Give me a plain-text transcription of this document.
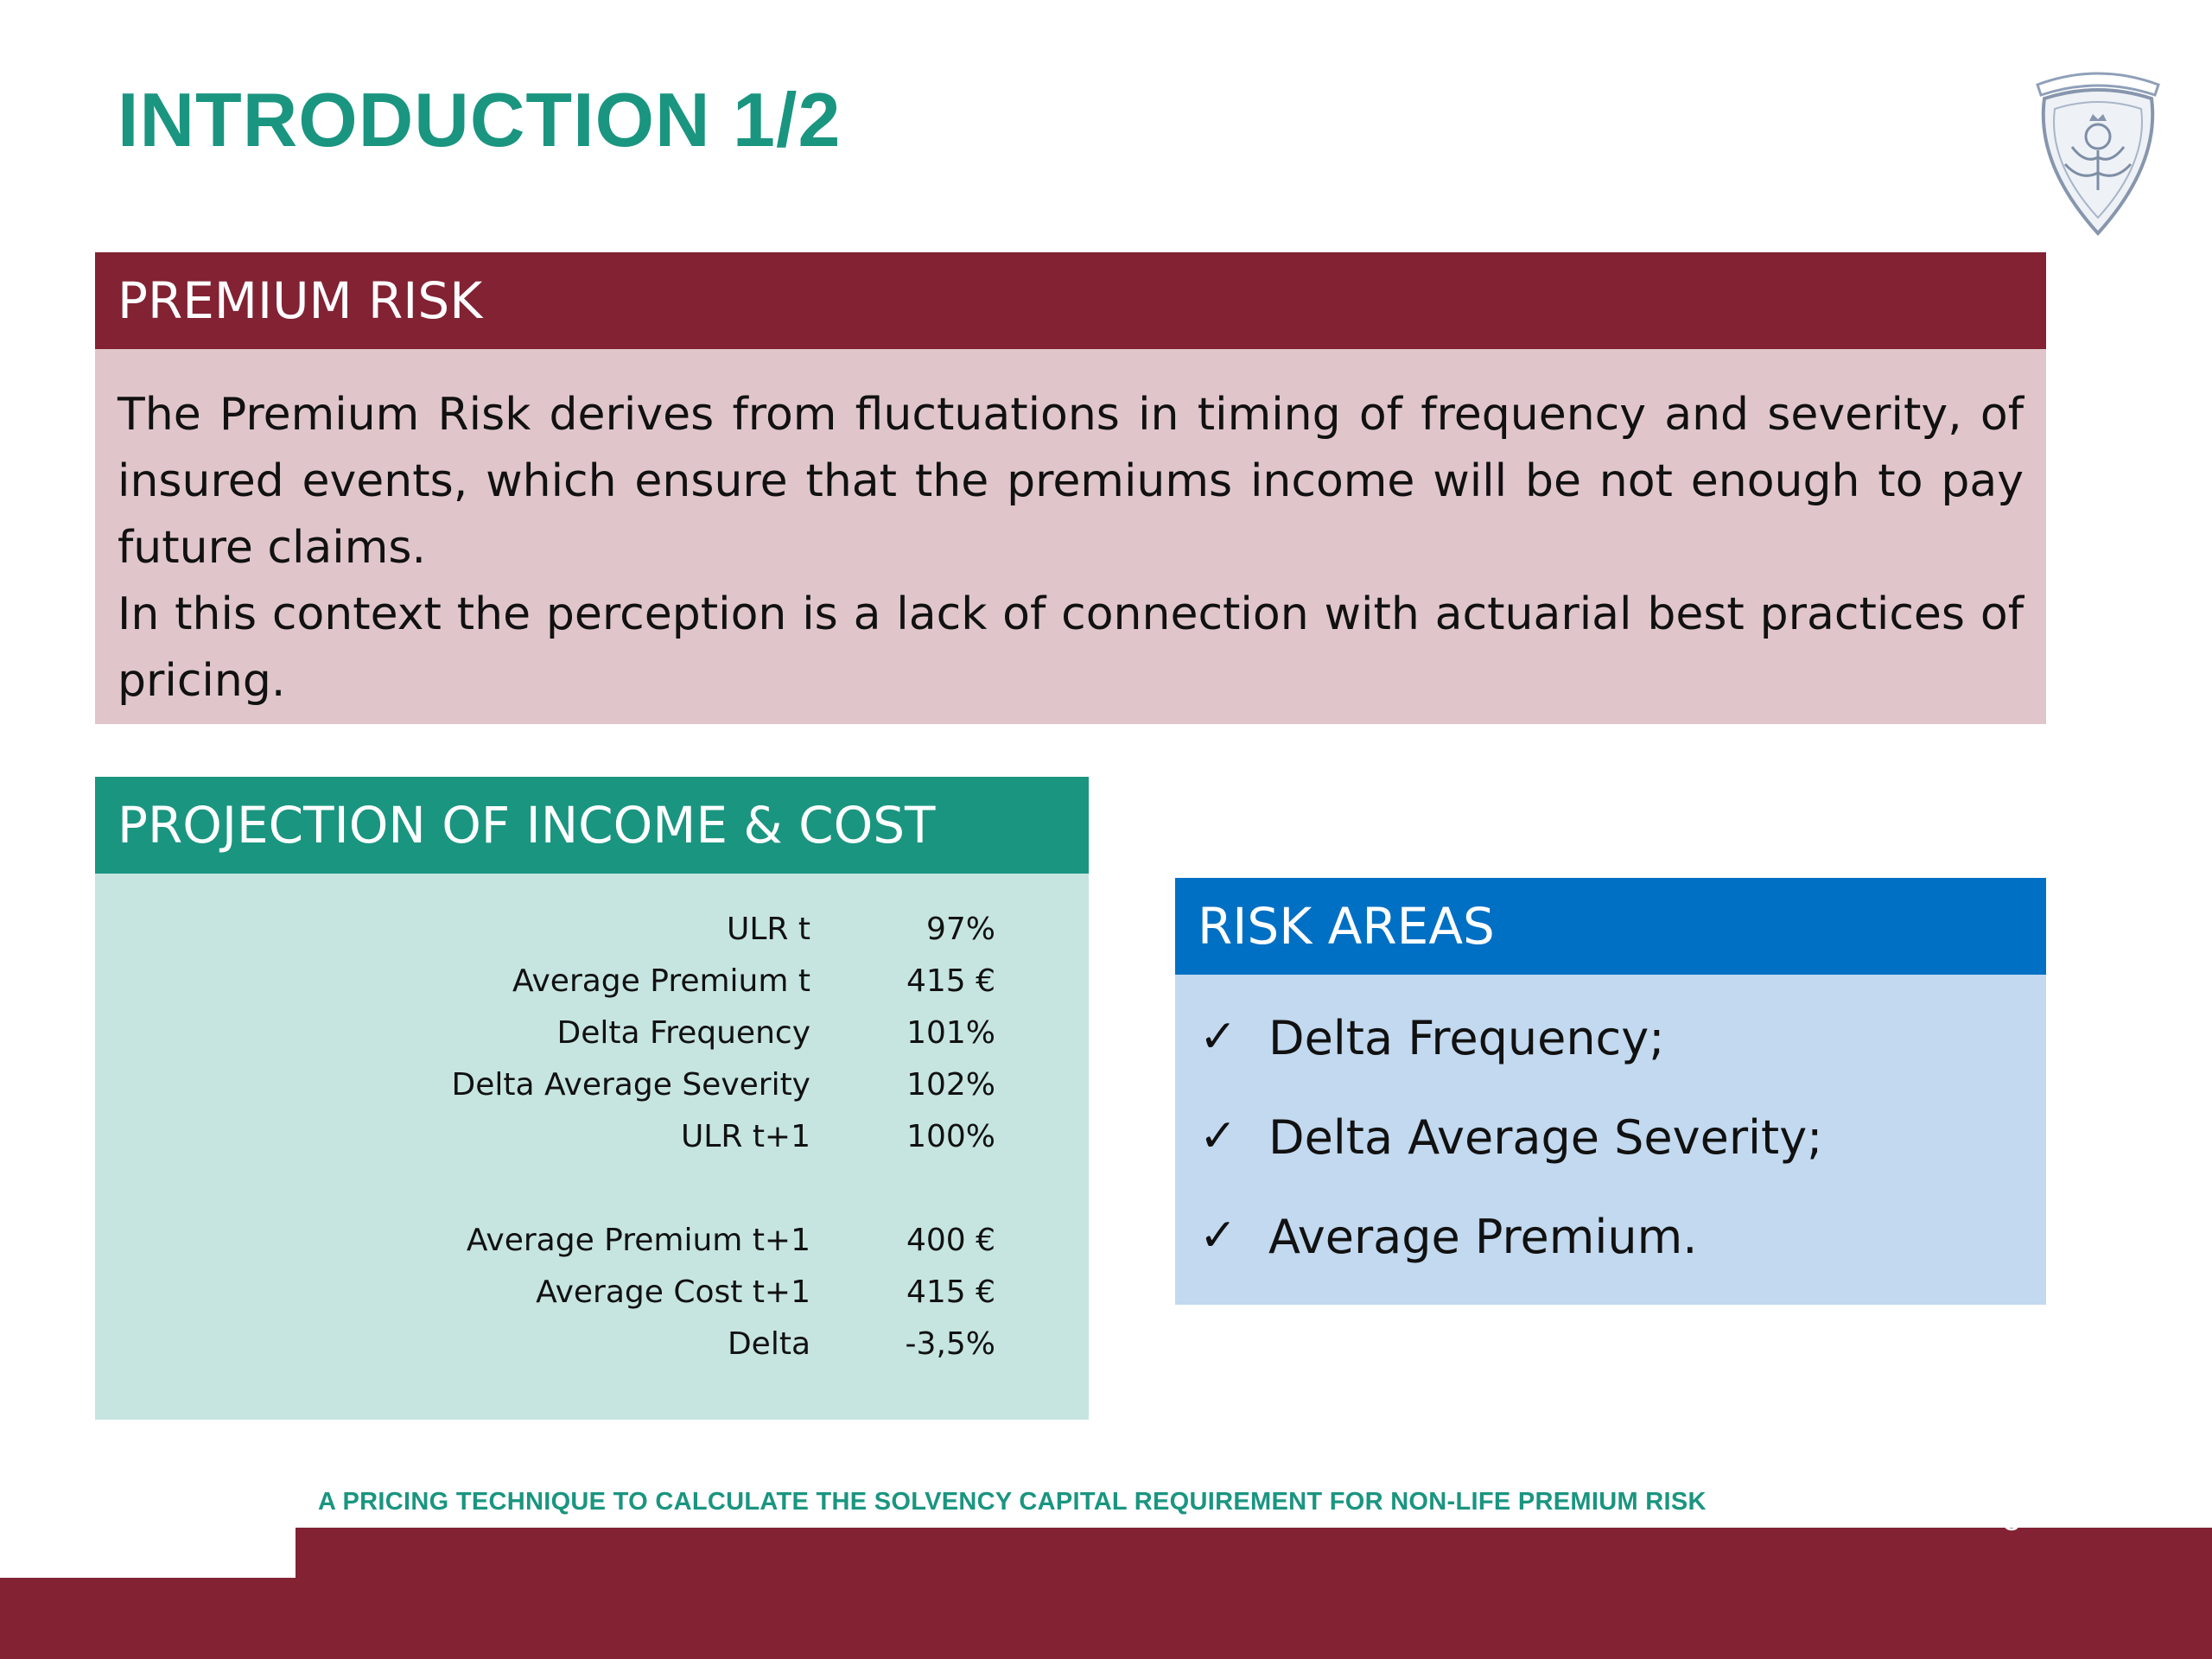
INTRODUCTION 1/2
PREMIUM RISK

The Premium Risk derives from fluctuations in timing of frequency and severity, of insured events, which ensure that the premiums income will be not enough to pay future claims.

In this context the perception is a lack of connection with actuarial best practices of pricing.

PROJECTION OF INCOME & COST
ULR t	97%
Average Premium t	415 €
Delta Frequency	101%
Delta Average Severity	102%
ULR t+1	100%
Average Premium t+1	400 €
Average Cost t+1	415 €
Delta	-3,5%
RISK AREAS
✓ Delta Frequency;
✓ Delta Average Severity;
✓ Average Premium.
A PRICING TECHNIQUE TO CALCULATE THE SOLVENCY CAPITAL REQUIREMENT FOR NON-LIFE PREMIUM RISK	3
